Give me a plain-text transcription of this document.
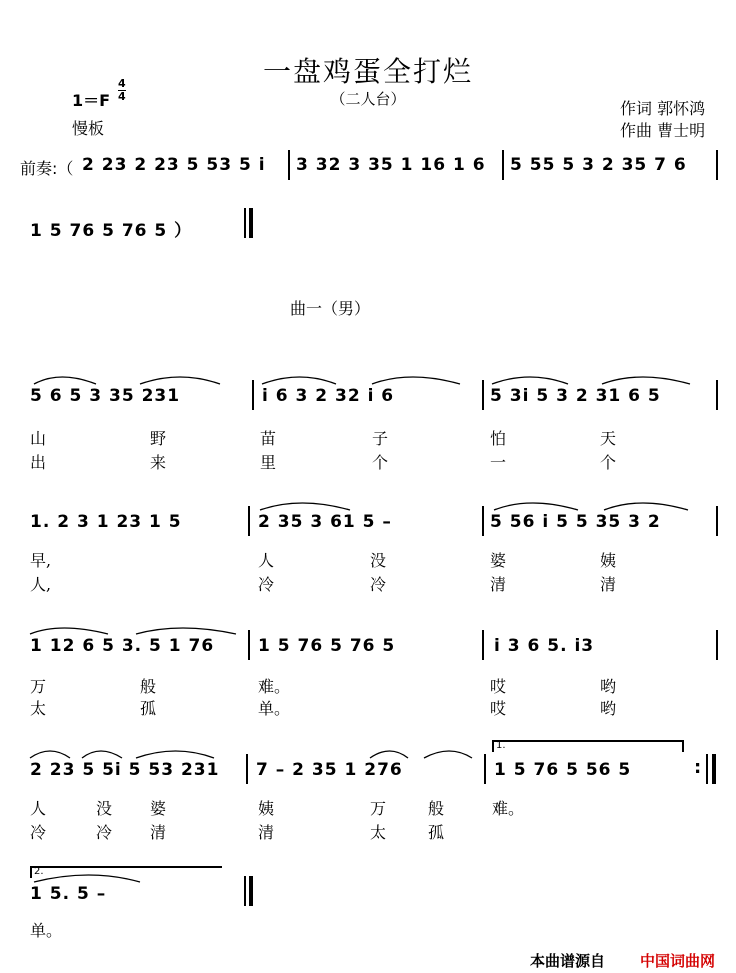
一盘鸡蛋全打烂
（二人台）
$1=F \frac{4}{4}$
慢板
作词 郭怀鸿
作曲 曹士明
前奏:（ 2 23 2 23 5 53 5 i 3 32 3 35 1 16 1 6 5 55 5 3 2 35 7 6
1 5 76 5 76 5 ）
曲一（男）
5 6 5 3 35 231	i 6 3 2 32 i 6	5 3i 5 3 2 31 6 5
山	野	苗	子	怕	天
出	来	里	个	一	个
1. 2 3 1 23 1 5	2 35 3 61 5 –	5 56 i 5 5 35 3 2
早,	人	没	婆	姨
人,	冷	冷	清	清
1 12 6 5 3. 5 1 76	1 5 76 5 76 5	i 3 6 5. i3
万	般	难。	哎	哟
太	孤	单。	哎	哟
2 23 5 5i 5 53 231 7 – 2 35 1 276	1 5 76 5 56 5	:
人	没 婆	姨	万	般	难。
冷	冷 清	清	太	孤
1.
2.
1 5. 5 –
单。
本曲谱源自 中国词曲网
